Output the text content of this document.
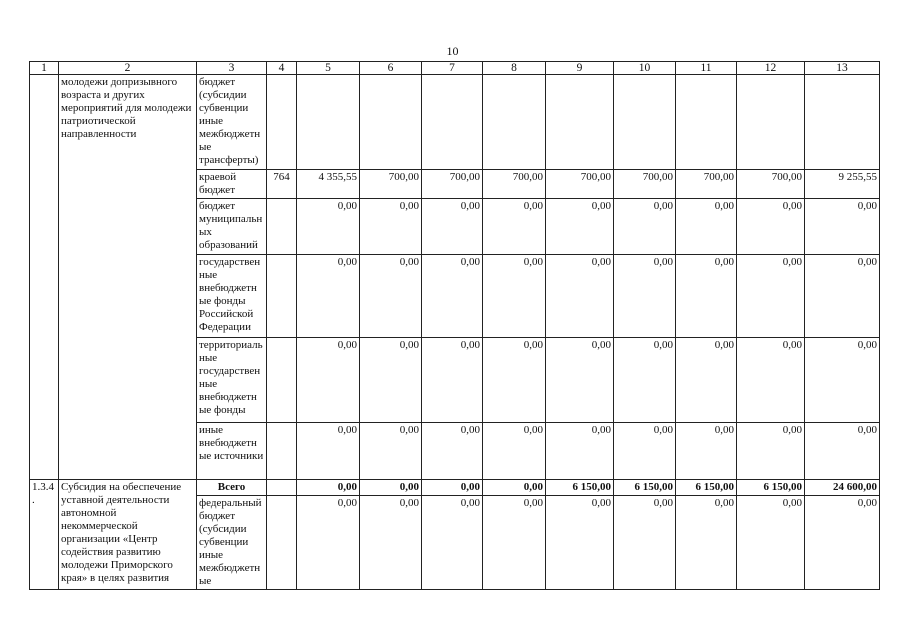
10
1	2	3	4	5	6	7	8	9	10	11	12	13
	молодежи допризывного возраста и других мероприятий для молодежи патриотической направленности	бюджет (субсидии субвенции иные межбюджетные трансферты)										
		краевой бюджет	764	4 355,55	700,00	700,00	700,00	700,00	700,00	700,00	700,00	9 255,55
		бюджет муниципальных образований		0,00	0,00	0,00	0,00	0,00	0,00	0,00	0,00	0,00
		государственные внебюджетные фонды Российской Федерации		0,00	0,00	0,00	0,00	0,00	0,00	0,00	0,00	0,00
		территориальные государственные внебюджетные фонды		0,00	0,00	0,00	0,00	0,00	0,00	0,00	0,00	0,00
		иные внебюджетные источники		0,00	0,00	0,00	0,00	0,00	0,00	0,00	0,00	0,00
1.3.4.	Субсидия на обеспечение уставной деятельности автономной некоммерческой организации «Центр содействия развитию молодежи Приморского края» в целях развития	Всего		0,00	0,00	0,00	0,00	6 150,00	6 150,00	6 150,00	6 150,00	24 600,00
		федеральный бюджет (субсидии субвенции иные межбюджетные		0,00	0,00	0,00	0,00	0,00	0,00	0,00	0,00	0,00
